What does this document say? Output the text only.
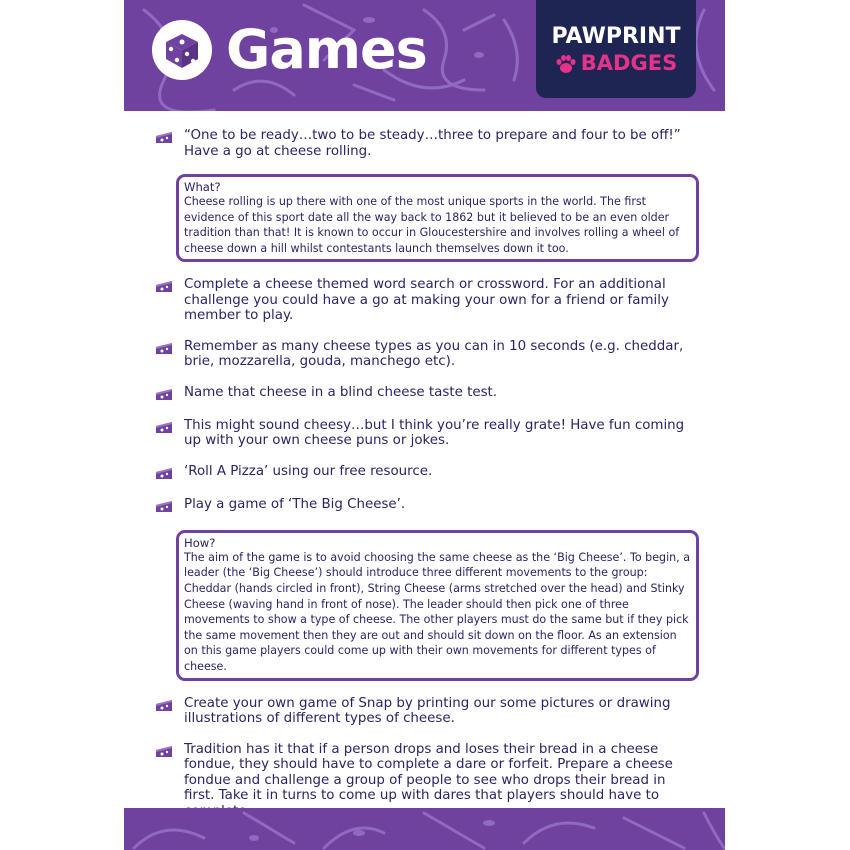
Games	PAWPRINT
BADGES
“One to be ready…two to be steady…three to prepare and four to be off!” Have a go at cheese rolling.
What?
Cheese rolling is up there with one of the most unique sports in the world. The first evidence of this sport date all the way back to 1862 but it believed to be an even older tradition than that! It is known to occur in Gloucestershire and involves rolling a wheel of cheese down a hill whilst contestants launch themselves down it too.
Complete a cheese themed word search or crossword. For an additional challenge you could have a go at making your own for a friend or family member to play.
Remember as many cheese types as you can in 10 seconds (e.g. cheddar, brie, mozzarella, gouda, manchego etc).
Name that cheese in a blind cheese taste test.
This might sound cheesy…but I think you’re really grate! Have fun coming up with your own cheese puns or jokes.
‘Roll A Pizza’ using our free resource.
Play a game of ‘The Big Cheese’.
How?
The aim of the game is to avoid choosing the same cheese as the ‘Big Cheese’. To begin, a leader (the ‘Big Cheese’) should introduce three different movements to the group: Cheddar (hands circled in front), String Cheese (arms stretched over the head) and Stinky Cheese (waving hand in front of nose). The leader should then pick one of three movements to show a type of cheese. The other players must do the same but if they pick the same movement then they are out and should sit down on the floor. As an extension on this game players could come up with their own movements for different types of cheese.
Create your own game of Snap by printing our some pictures or drawing illustrations of different types of cheese.
Tradition has it that if a person drops and loses their bread in a cheese fondue, they should have to complete a dare or forfeit. Prepare a cheese fondue and challenge a group of people to see who drops their bread in first. Take it in turns to come up with dares that players should have to
